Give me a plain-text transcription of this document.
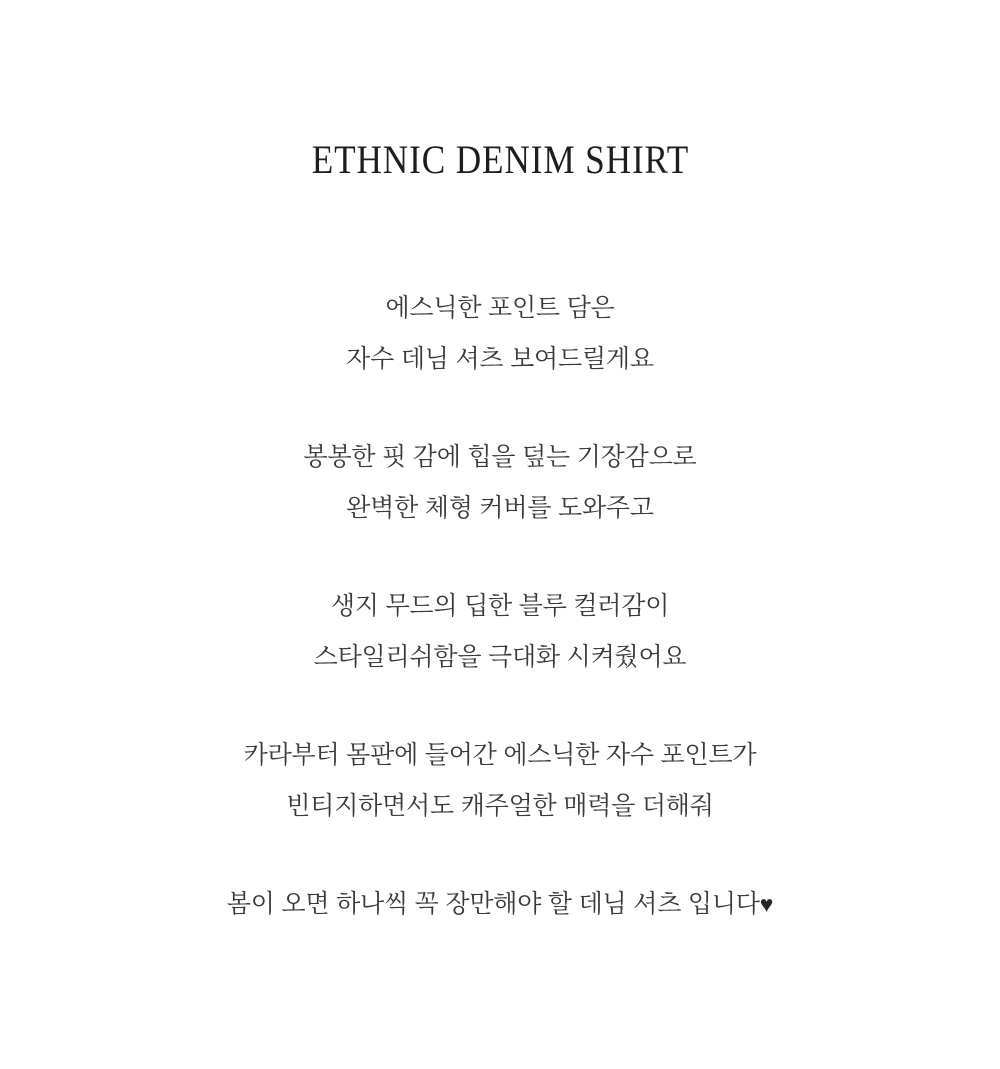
ETHNIC DENIM SHIRT
에스닉한 포인트 담은
자수 데님 셔츠 보여드릴게요
봉봉한 핏 감에 힙을 덮는 기장감으로
완벽한 체형 커버를 도와주고
생지 무드의 딥한 블루 컬러감이
스타일리쉬함을 극대화 시켜줬어요
카라부터 몸판에 들어간 에스닉한 자수 포인트가
빈티지하면서도 캐주얼한 매력을 더해줘
봄이 오면 하나씩 꼭 장만해야 할 데님 셔츠 입니다♥
